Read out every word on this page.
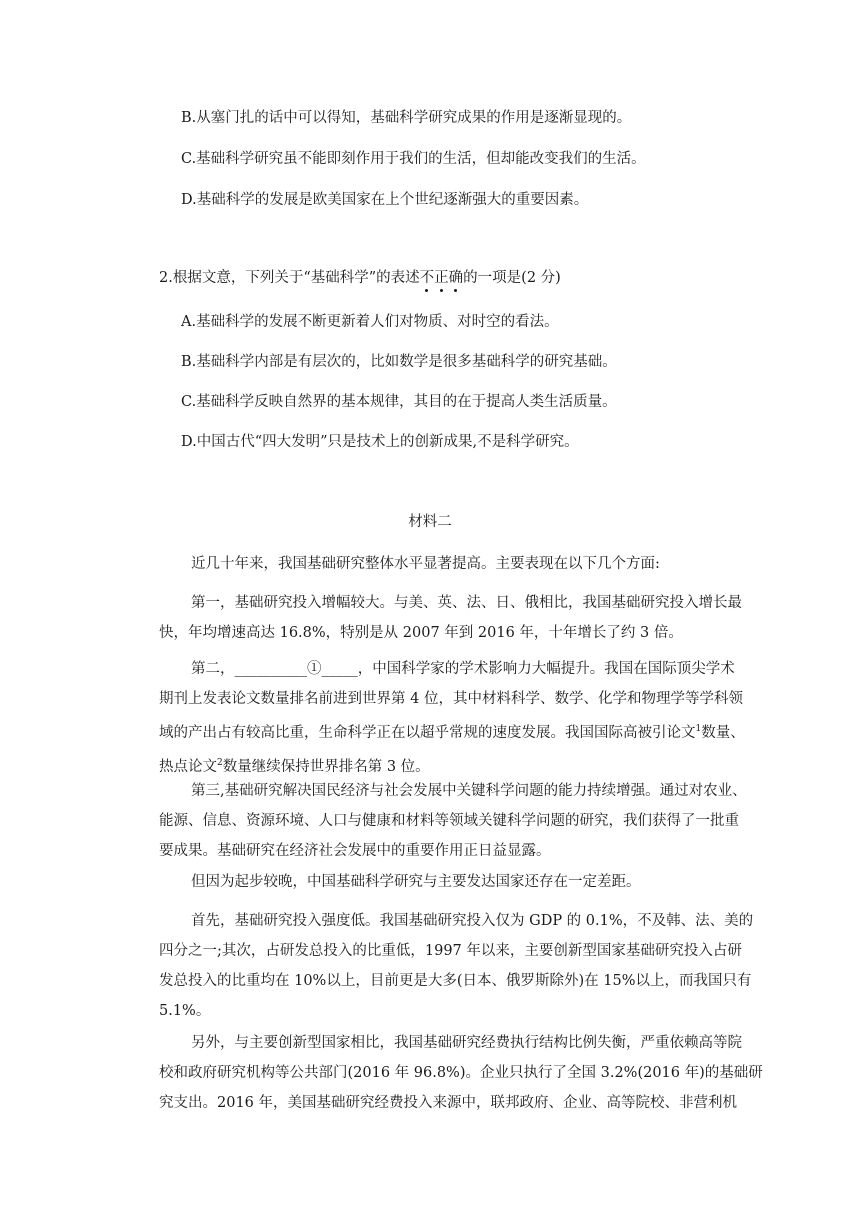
B.从塞门扎的话中可以得知，基础科学研究成果的作用是逐渐显现的。
C.基础科学研究虽不能即刻作用于我们的生活，但却能改变我们的生活。
D.基础科学的发展是欧美国家在上个世纪逐渐强大的重要因素。
2.根据文意，下列关于“基础科学”的表述不正确的一项是(2 分)
A.基础科学的发展不断更新着人们对物质、对时空的看法。
B.基础科学内部是有层次的，比如数学是很多基础科学的研究基础。
C.基础科学反映自然界的基本规律，其目的在于提高人类生活质量。
D.中国古代“四大发明”只是技术上的创新成果,不是科学研究。
材料二
近几十年来，我国基础研究整体水平显著提高。主要表现在以下几个方面:
第一，基础研究投入增幅较大。与美、英、法、日、俄相比，我国基础研究投入增长最
快，年均增速高达 16.8%，特别是从 2007 年到 2016 年，十年增长了约 3 倍。
第二，__________①_____，中国科学家的学术影响力大幅提升。我国在国际顶尖学术
期刊上发表论文数量排名前进到世界第 4 位，其中材料科学、数学、化学和物理学等学科领
域的产出占有较高比重，生命科学正在以超乎常规的速度发展。我国国际高被引论文$^1$数量、
热点论文$^2$数量继续保持世界排名第 3 位。
第三,基础研究解决国民经济与社会发展中关键科学问题的能力持续增强。通过对农业、
能源、信息、资源环境、人口与健康和材料等领域关键科学问题的研究，我们获得了一批重
要成果。基础研究在经济社会发展中的重要作用正日益显露。
但因为起步较晚，中国基础科学研究与主要发达国家还存在一定差距。
首先，基础研究投入强度低。我国基础研究投入仅为 GDP 的 0.1%，不及韩、法、美的
四分之一;其次，占研发总投入的比重低，1997 年以来，主要创新型国家基础研究投入占研
发总投入的比重均在 10%以上，目前更是大多(日本、俄罗斯除外)在 15%以上，而我国只有
5.1%。
另外，与主要创新型国家相比，我国基础研究经费执行结构比例失衡，严重依赖高等院
校和政府研究机构等公共部门(2016 年 96.8%)。企业只执行了全国 3.2%(2016 年)的基础研
究支出。2016 年，美国基础研究经费投入来源中，联邦政府、企业、高等院校、非营利机
